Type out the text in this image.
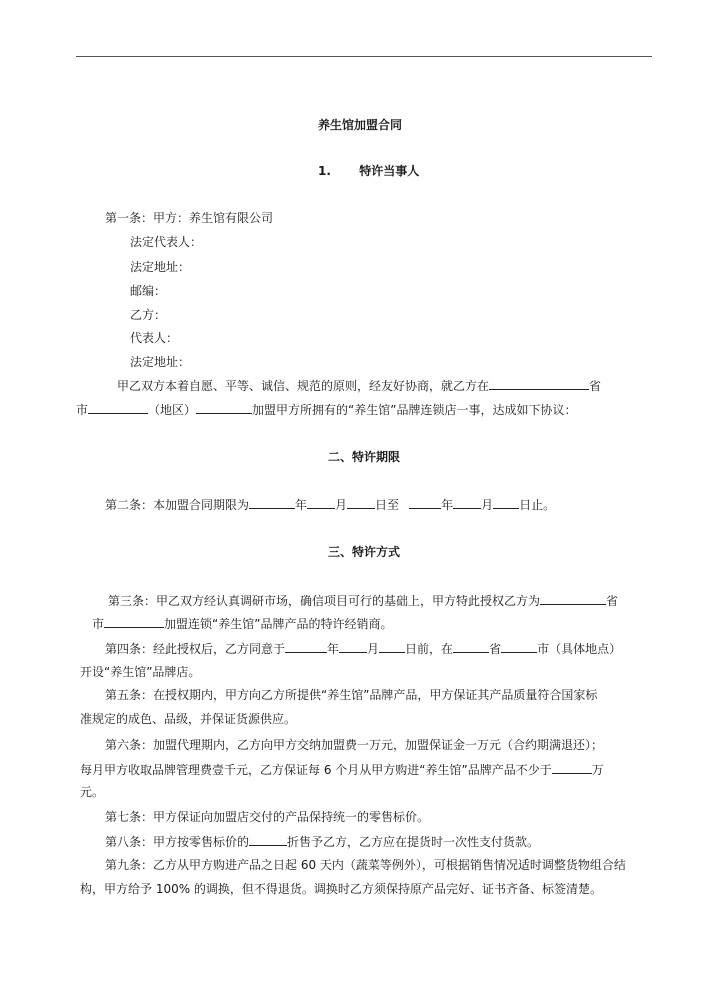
养生馆加盟合同
1. 特许当事人
第一条：甲方：养生馆有限公司
法定代表人：
法定地址：
邮编：
乙方：
代表人：
法定地址：
甲乙双方本着自愿、平等、诚信、规范的原则，经友好协商，就乙方在	省
市	（地区）	加盟甲方所拥有的“养生馆”品牌连锁店一事，达成如下协议：
二、特许期限
第二条：本加盟合同期限为	年 月 日至	年 月 日止。
三、特许方式
第三条：甲乙双方经认真调研市场，确信项目可行的基础上，甲方特此授权乙方为	省
市	加盟连锁“养生馆”品牌产品的特许经销商。
第四条：经此授权后，乙方同意于	年 月 日前，在	省	市（具体地点）
开设“养生馆”品牌店。
第五条：在授权期内，甲方向乙方所提供“养生馆”品牌产品，甲方保证其产品质量符合国家标
准规定的成色、品级，并保证货源供应。
第六条：加盟代理期内，乙方向甲方交纳加盟费一万元，加盟保证金一万元（合约期满退还）；
每月甲方收取品牌管理费壹千元，乙方保证每 6 个月从甲方购进“养生馆”品牌产品不少于	万
元。
第七条：甲方保证向加盟店交付的产品保持统一的零售标价。
第八条：甲方按零售标价的	折售予乙方，乙方应在提货时一次性支付货款。
第九条：乙方从甲方购进产品之日起 60 天内（蔬菜等例外），可根据销售情况适时调整货物组合结
构，甲方给予 100% 的调换，但不得退货。调换时乙方须保持原产品完好、证书齐备、标签清楚。
